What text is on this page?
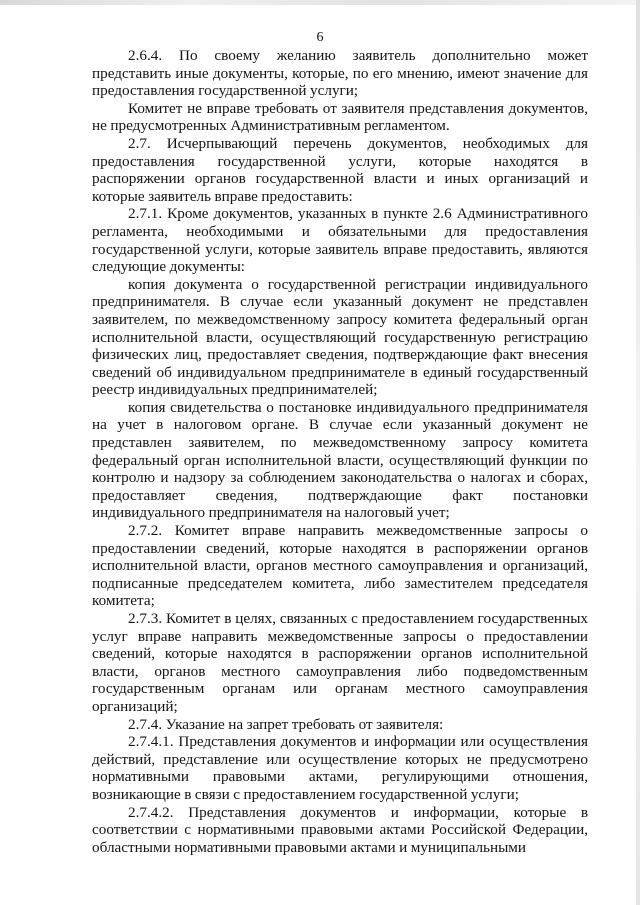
6

2.6.4. По своему желанию заявитель дополнительно может представить иные документы, которые, по его мнению, имеют значение для предоставления государственной услуги;

Комитет не вправе требовать от заявителя представления документов, не предусмотренных Административным регламентом.

2.7. Исчерпывающий перечень документов, необходимых для предоставления государственной услуги, которые находятся в распоряжении органов государственной власти и иных организаций и которые заявитель вправе предоставить:

2.7.1. Кроме документов, указанных в пункте 2.6 Административного регламента, необходимыми и обязательными для предоставления государственной услуги, которые заявитель вправе предоставить, являются следующие документы:

копия документа о государственной регистрации индивидуального предпринимателя. В случае если указанный документ не представлен заявителем, по межведомственному запросу комитета федеральный орган исполнительной власти, осуществляющий государственную регистрацию физических лиц, предоставляет сведения, подтверждающие факт внесения сведений об индивидуальном предпринимателе в единый государственный реестр индивидуальных предпринимателей;

копия свидетельства о постановке индивидуального предпринимателя на учет в налоговом органе. В случае если указанный документ не представлен заявителем, по межведомственному запросу комитета федеральный орган исполнительной власти, осуществляющий функции по контролю и надзору за соблюдением законодательства о налогах и сборах, предоставляет сведения, подтверждающие факт постановки индивидуального предпринимателя на налоговый учет;

2.7.2. Комитет вправе направить межведомственные запросы о предоставлении сведений, которые находятся в распоряжении органов исполнительной власти, органов местного самоуправления и организаций, подписанные председателем комитета, либо заместителем председателя комитета;

2.7.3. Комитет в целях, связанных с предоставлением государственных услуг вправе направить межведомственные запросы о предоставлении сведений, которые находятся в распоряжении органов исполнительной власти, органов местного самоуправления либо подведомственным государственным органам или органам местного самоуправления организаций;

2.7.4. Указание на запрет требовать от заявителя:

2.7.4.1. Представления документов и информации или осуществления действий, представление или осуществление которых не предусмотрено нормативными правовыми актами, регулирующими отношения, возникающие в связи с предоставлением государственной услуги;

2.7.4.2. Представления документов и информации, которые в соответствии с нормативными правовыми актами Российской Федерации, областными нормативными правовыми актами и муниципальными
